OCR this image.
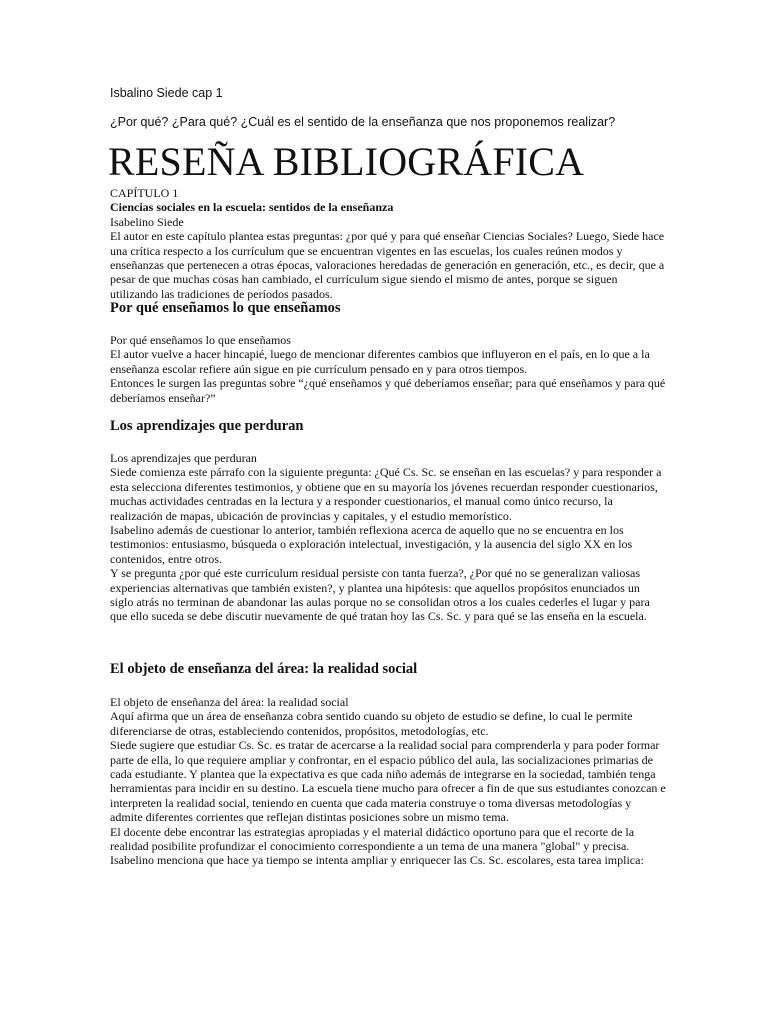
Isbalino Siede cap 1
¿Por qué? ¿Para qué? ¿Cuál es el sentido de la enseñanza que nos proponemos realizar?
RESEÑA BIBLIOGRÁFICA

CAPÍTULO 1

Ciencias sociales en la escuela: sentidos de la enseñanza

Isabelino Siede

El autor en este capítulo plantea estas preguntas: ¿por qué y para qué enseñar Ciencias Sociales? Luego, Siede hace una crítica respecto a los currículum que se encuentran vigentes en las escuelas, los cuales reúnen modos y enseñanzas que pertenecen a otras épocas, valoraciones heredadas de generación en generación, etc., es decir, que a pesar de que muchas cosas han cambiado, el currículum sigue siendo el mismo de antes, porque se siguen utilizando las tradiciones de períodos pasados.

Por qué enseñamos lo que enseñamos

Por qué enseñamos lo que enseñamos

El autor vuelve a hacer hincapié, luego de mencionar diferentes cambios que influyeron en el país, en lo que a la enseñanza escolar refiere aún sigue en pie currículum pensado en y para otros tiempos.

Entonces le surgen las preguntas sobre “¿qué enseñamos y qué deberíamos enseñar; para qué enseñamos y para qué deberíamos enseñar?”

Los aprendizajes que perduran

Los aprendizajes que perduran

Siede comienza este párrafo con la siguiente pregunta: ¿Qué Cs. Sc. se enseñan en las escuelas? y para responder a esta selecciona diferentes testimonios, y obtiene que en su mayoría los jóvenes recuerdan responder cuestionarios, muchas actividades centradas en la lectura y a responder cuestionarios, el manual como único recurso, la realización de mapas, ubicación de provincias y capitales, y el estudio memorístico.

Isabelino además de cuestionar lo anterior, también reflexiona acerca de aquello que no se encuentra en los testimonios: entusiasmo, búsqueda o exploración intelectual, investigación, y la ausencia del siglo XX en los contenidos, entre otros.

Y se pregunta ¿por qué este currículum residual persiste con tanta fuerza?, ¿Por qué no se generalizan valiosas experiencias alternativas que también existen?, y plantea una hipótesis: que aquellos propósitos enunciados un siglo atrás no terminan de abandonar las aulas porque no se consolidan otros a los cuales cederles el lugar y para que ello suceda se debe discutir nuevamente de qué tratan hoy las Cs. Sc. y para qué se las enseña en la escuela.

El objeto de enseñanza del área: la realidad social

El objeto de enseñanza del área: la realidad social

Aquí afirma que un área de enseñanza cobra sentido cuando su objeto de estudio se define, lo cual le permite diferenciarse de otras, estableciendo contenidos, propósitos, metodologías, etc.

Siede sugiere que estudiar Cs. Sc. es tratar de acercarse a la realidad social para comprenderla y para poder formar parte de ella, lo que requiere ampliar y confrontar, en el espacio público del aula, las socializaciones primarias de cada estudiante. Y plantea que la expectativa es que cada niño además de integrarse en la sociedad, también tenga herramientas para incidir en su destino. La escuela tiene mucho para ofrecer a fin de que sus estudiantes conozcan e interpreten la realidad social, teniendo en cuenta que cada materia construye o toma diversas metodologías y admite diferentes corrientes que reflejan distintas posiciones sobre un mismo tema.

El docente debe encontrar las estrategias apropiadas y el material didáctico oportuno para que el recorte de la realidad posibilite profundizar el conocimiento correspondiente a un tema de una manera "global" y precisa.

Isabelino menciona que hace ya tiempo se intenta ampliar y enriquecer las Cs. Sc. escolares, esta tarea implica:
